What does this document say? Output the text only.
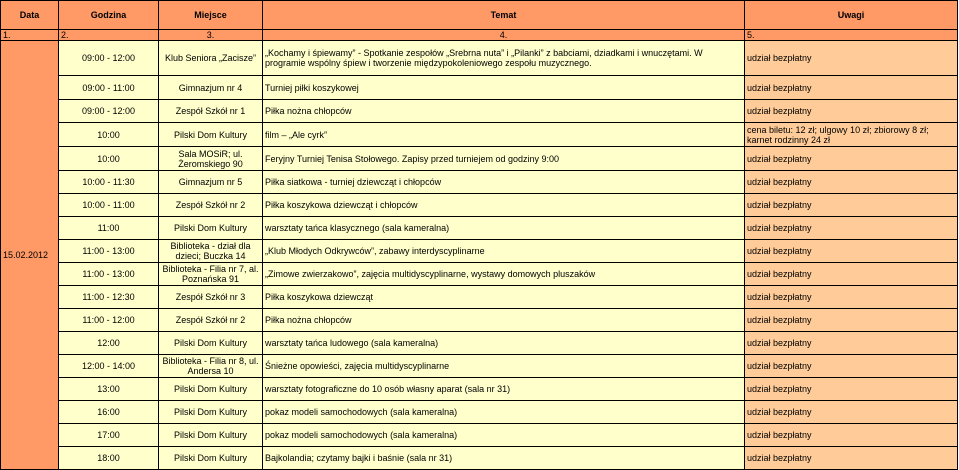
Data	Godzina	Miejsce	Temat	Uwagi
1.	2.	3.	4.	5.
15.02.2012	09:00 - 12:00	Klub Seniora „Zacisze”	„Kochamy i śpiewamy” - Spotkanie zespołów „Srebrna nuta” i „Pilanki” z babciami, dziadkami i wnuczętami. W programie wspólny śpiew i tworzenie międzypokoleniowego zespołu muzycznego.	udział bezpłatny
	09:00 - 11:00	Gimnazjum nr 4	Turniej piłki koszykowej	udział bezpłatny
	09:00 - 12:00	Zespół Szkół nr 1	Piłka nożna chłopców	udział bezpłatny
	10:00	Pilski Dom Kultury	film – „Ale cyrk”	cena biletu: 12 zł; ulgowy 10 zł; zbiorowy 8 zł; karnet rodzinny 24 zł
	10:00	Sala MOSiR; ul. Żeromskiego 90	Feryjny Turniej Tenisa Stołowego. Zapisy przed turniejem od godziny 9:00	udział bezpłatny
	10:00 - 11:30	Gimnazjum nr 5	Piłka siatkowa - turniej dziewcząt i chłopców	udział bezpłatny
	10:00 - 11:00	Zespół Szkół nr 2	Piłka koszykowa dziewcząt i chłopców	udział bezpłatny
	11:00	Pilski Dom Kultury	warsztaty tańca klasycznego (sala kameralna)	udział bezpłatny
	11:00 - 13:00	Biblioteka - dział dla dzieci; Buczka 14	„Klub Młodych Odkrywców”, zabawy interdyscyplinarne	udział bezpłatny
	11:00 - 13:00	Biblioteka - Filia nr 7, al. Poznańska 91	„Zimowe zwierzakowo”, zajęcia multidyscyplinarne, wystawy domowych pluszaków	udział bezpłatny
	11:00 - 12:30	Zespół Szkół nr 3	Piłka koszykowa dziewcząt	udział bezpłatny
	11:00 - 12:00	Zespół Szkół nr 2	Piłka nożna chłopców	udział bezpłatny
	12:00	Pilski Dom Kultury	warsztaty tańca ludowego (sala kameralna)	udział bezpłatny
	12:00 - 14:00	Biblioteka - Filia nr 8, ul. Andersa 10	Śnieżne opowieści, zajęcia multidyscyplinarne	udział bezpłatny
	13:00	Pilski Dom Kultury	warsztaty fotograficzne do 10 osób własny aparat (sala nr 31)	udział bezpłatny
	16:00	Pilski Dom Kultury	pokaz modeli samochodowych (sala kameralna)	udział bezpłatny
	17:00	Pilski Dom Kultury	pokaz modeli samochodowych (sala kameralna)	udział bezpłatny
	18:00	Pilski Dom Kultury	Bajkolandia; czytamy bajki i baśnie (sala nr 31)	udział bezpłatny
